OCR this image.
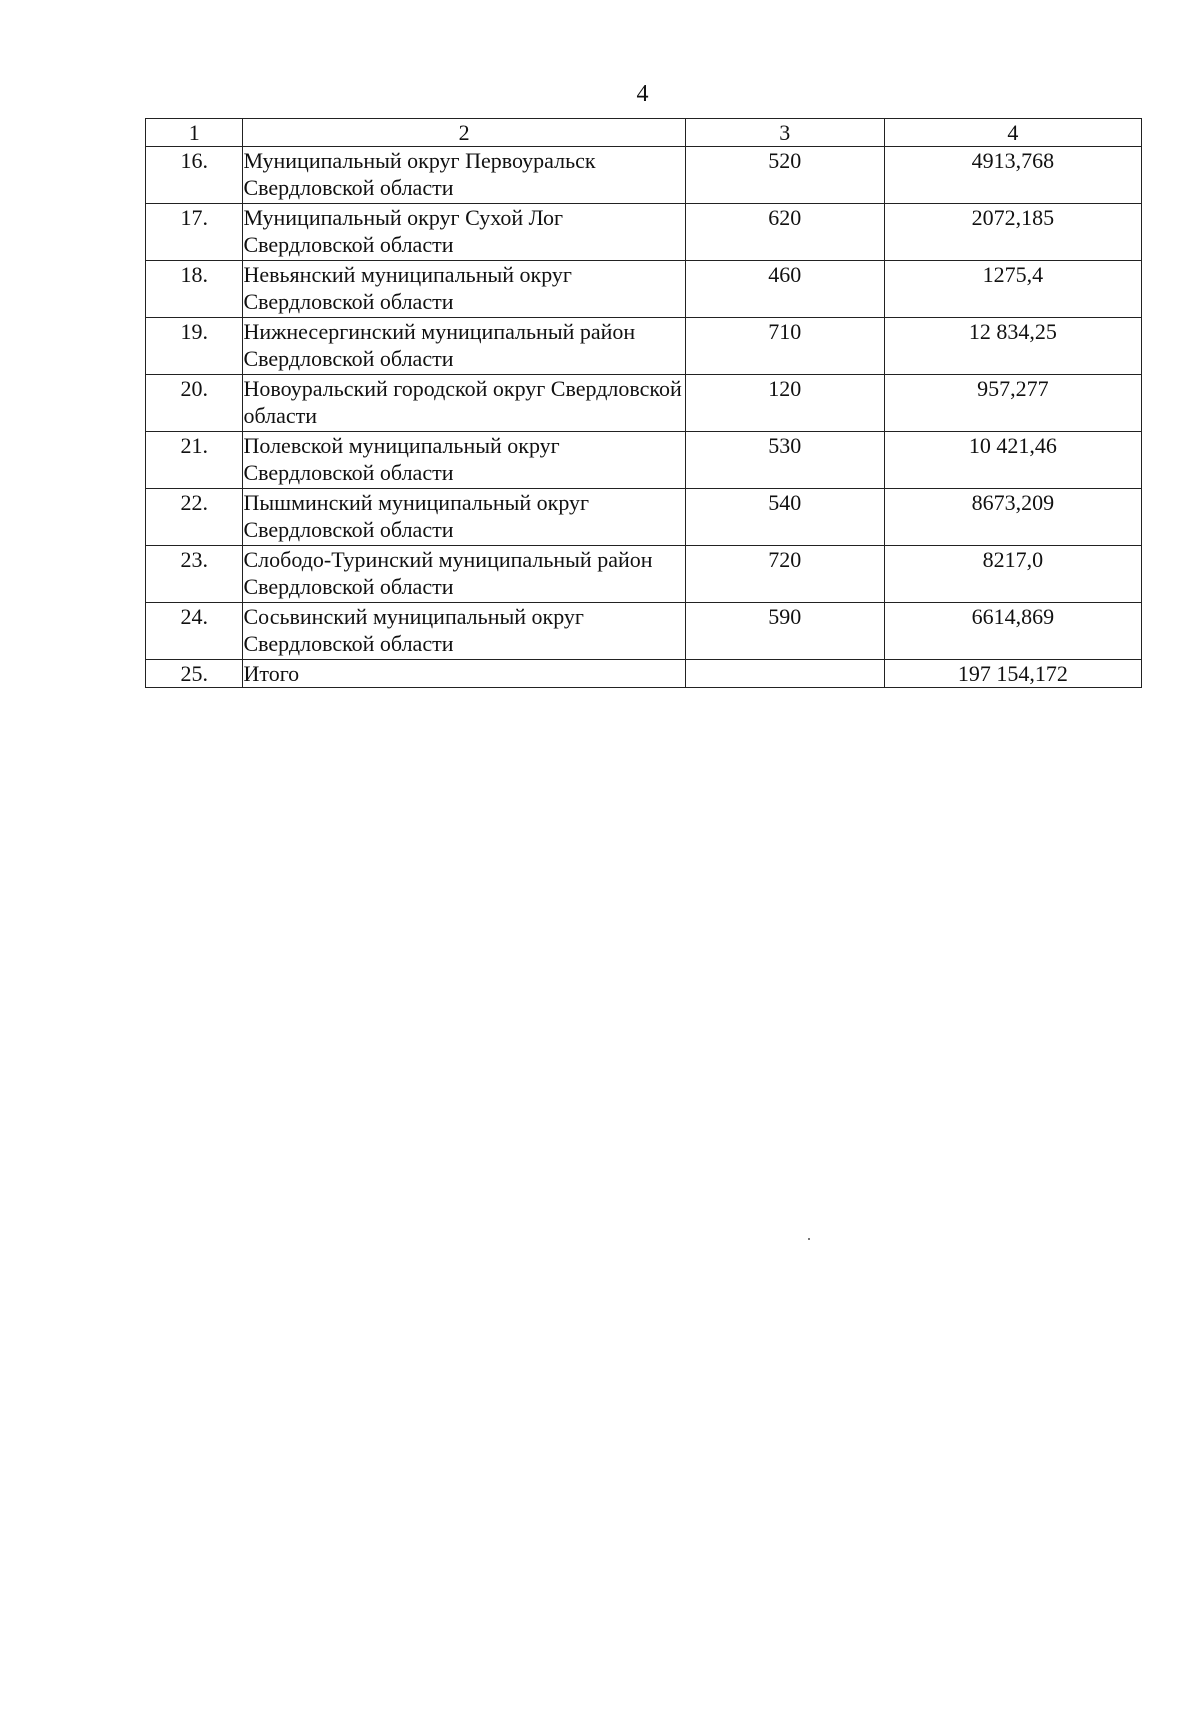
4
1	2	3	4
16.	Муниципальный округ Первоуральск Свердловской области	520	4913,768
17.	Муниципальный округ Сухой Лог Свердловской области	620	2072,185
18.	Невьянский муниципальный округ Свердловской области	460	1275,4
19.	Нижнесергинский муниципальный район Свердловской области	710	12 834,25
20.	Новоуральский городской округ Свердловской области	120	957,277
21.	Полевской муниципальный округ Свердловской области	530	10 421,46
22.	Пышминский муниципальный округ Свердловской области	540	8673,209
23.	Слободо-Туринский муниципальный район Свердловской области	720	8217,0
24.	Сосьвинский муниципальный округ Свердловской области	590	6614,869
25.	Итого		197 154,172
